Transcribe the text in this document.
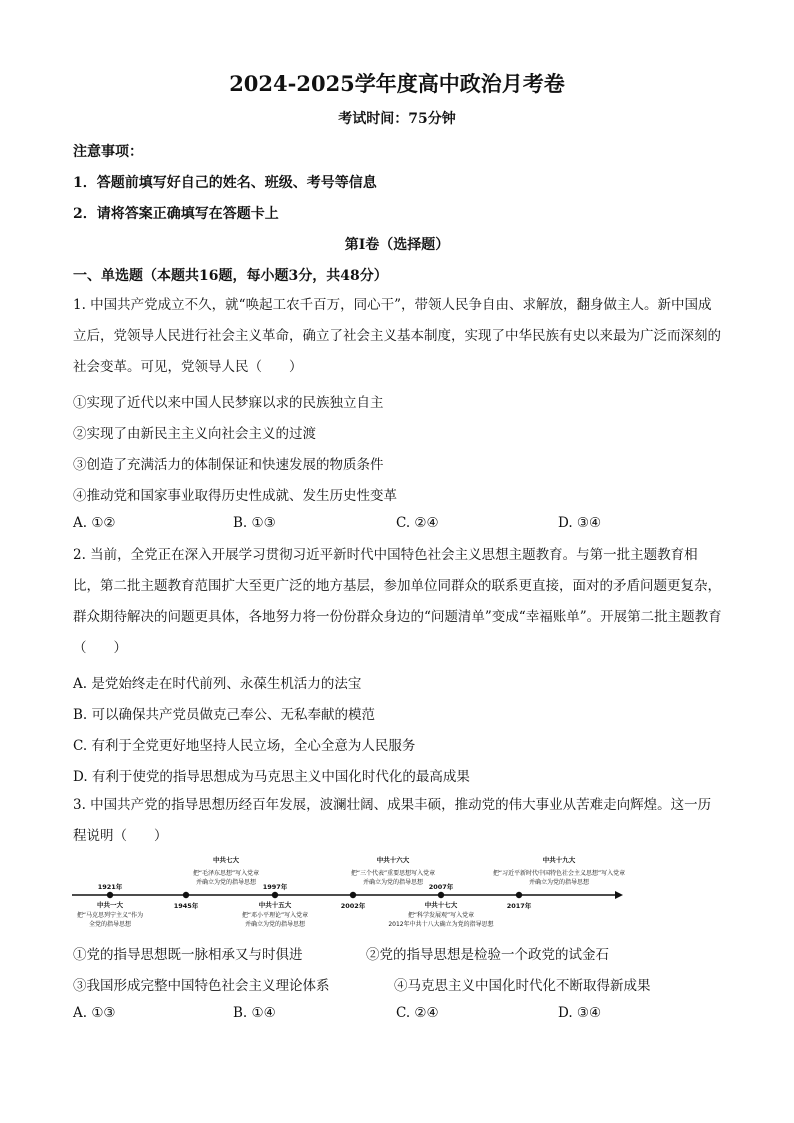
2024-2025学年度高中政治月考卷
考试时间：75分钟
注意事项：
1．答题前填写好自己的姓名、班级、考号等信息
2．请将答案正确填写在答题卡上
第I卷（选择题）
一、单选题（本题共16题，每小题3分，共48分）
1. 中国共产党成立不久，就“唤起工农千百万，同心干”，带领人民争自由、求解放，翻身做主人。新中国成立后，党领导人民进行社会主义革命，确立了社会主义基本制度，实现了中华民族有史以来最为广泛而深刻的社会变革。可见，党领导人民（　　）
①实现了近代以来中国人民梦寐以求的民族独立自主
②实现了由新民主主义向社会主义的过渡
③创造了充满活力的体制保证和快速发展的物质条件
④推动党和国家事业取得历史性成就、发生历史性变革
A. ①②	B. ①③	C. ②④	D. ③④
2. 当前，全党正在深入开展学习贯彻习近平新时代中国特色社会主义思想主题教育。与第一批主题教育相比，第二批主题教育范围扩大至更广泛的地方基层，参加单位同群众的联系更直接，面对的矛盾问题更复杂，群众期待解决的问题更具体，各地努力将一份份群众身边的“问题清单”变成“幸福账单”。开展第二批主题教育（　　）
A. 是党始终走在时代前列、永葆生机活力的法宝
B. 可以确保共产党员做克己奉公、无私奉献的模范
C. 有利于全党更好地坚持人民立场，全心全意为人民服务
D. 有利于使党的指导思想成为马克思主义中国化时代化的最高成果
3. 中国共产党的指导思想历经百年发展，波澜壮阔、成果丰硕，推动党的伟大事业从苦难走向辉煌。这一历程说明（　　）
1921年
中共一大
把“马克思列宁主义”作为
全党的指导思想
中共七大
把“毛泽东思想”写入党章
并确立为党的指导思想
1945年
1997年
中共十五大
把“邓小平理论”写入党章
并确立为党的指导思想
中共十六大
把“三个代表”重要思想写入党章
并确立为党的指导思想
2002年
2007年
中共十七大
把“科学发展观”写入党章
2012年中共十八大确立为党的指导思想
中共十九大
把“习近平新时代中国特色社会主义思想”写入党章
并确立为党的指导思想
2017年
①党的指导思想既一脉相承又与时俱进	②党的指导思想是检验一个政党的试金石
③我国形成完整中国特色社会主义理论体系	④马克思主义中国化时代化不断取得新成果
A. ①③	B. ①④	C. ②④	D. ③④
